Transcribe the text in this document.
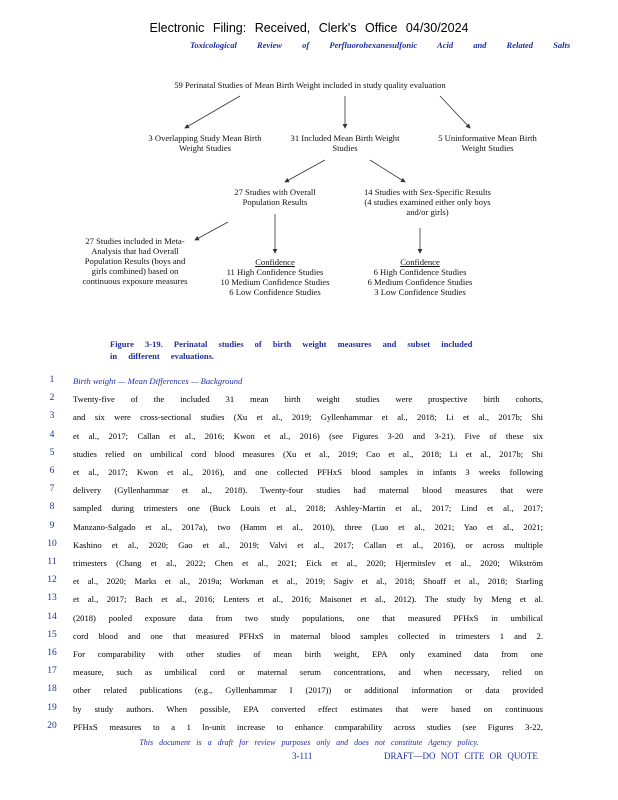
Electronic Filing: Received, Clerk's Office 04/30/2024
Toxicological Review of Perfluorohexanesulfonic Acid and Related Salts
59 Perinatal Studies of Mean Birth Weight included in study quality evaluation
3 Overlapping Study Mean Birth Weight Studies
31 Included Mean Birth Weight Studies
5 Uninformative Mean Birth Weight Studies
27 Studies with Overall Population Results
14 Studies with Sex-Specific Results (4 studies examined either only boys and/or girls)
27 Studies included in Meta-Analysis that had Overall Population Results (boys and girls combined) based on continuous exposure measures
Confidence
11 High Confidence Studies
10 Medium Confidence Studies
6 Low Confidence Studies
Confidence
6 High Confidence Studies
6 Medium Confidence Studies
3 Low Confidence Studies
Figure 3-19. Perinatal studies of birth weight measures and subset included
in different evaluations.
1	Birth weight — Mean Differences — Background
2	Twenty-five of the included 31 mean birth weight studies were prospective birth cohorts,
3	and six were cross-sectional studies (Xu et al., 2019; Gyllenhammar et al., 2018; Li et al., 2017b; Shi
4	et al., 2017; Callan et al., 2016; Kwon et al., 2016) (see Figures 3-20 and 3-21). Five of these six
5	studies relied on umbilical cord blood measures (Xu et al., 2019; Cao et al., 2018; Li et al., 2017b; Shi
6	et al., 2017; Kwon et al., 2016), and one collected PFHxS blood samples in infants 3 weeks following
7	delivery (Gyllenhammar et al., 2018). Twenty-four studies had maternal blood measures that were
8	sampled during trimesters one (Buck Louis et al., 2018; Ashley-Martin et al., 2017; Lind et al., 2017;
9	Manzano-Salgado et al., 2017a), two (Hamm et al., 2010), three (Luo et al., 2021; Yao et al., 2021;
10	Kashino et al., 2020; Gao et al., 2019; Valvi et al., 2017; Callan et al., 2016), or across multiple
11	trimesters (Chang et al., 2022; Chen et al., 2021; Eick et al., 2020; Hjermitslev et al., 2020; Wikström
12	et al., 2020; Marks et al., 2019a; Workman et al., 2019; Sagiv et al., 2018; Shoaff et al., 2018; Starling
13	et al., 2017; Bach et al., 2016; Lenters et al., 2016; Maisonet et al., 2012). The study by Meng et al.
14	(2018) pooled exposure data from two study populations, one that measured PFHxS in umbilical
15	cord blood and one that measured PFHxS in maternal blood samples collected in trimesters 1 and 2.
16	For comparability with other studies of mean birth weight, EPA only examined data from one
17	measure, such as umbilical cord or maternal serum concentrations, and when necessary, relied on
18	other related publications (e.g., Gyllenhammar I (2017)) or additional information or data provided
19	by study authors. When possible, EPA converted effect estimates that were based on continuous
20	PFHxS measures to a 1 ln-unit increase to enhance comparability across studies (see Figures 3-22,
This document is a draft for review purposes only and does not constitute Agency policy.
3-111	DRAFT—DO NOT CITE OR QUOTE
